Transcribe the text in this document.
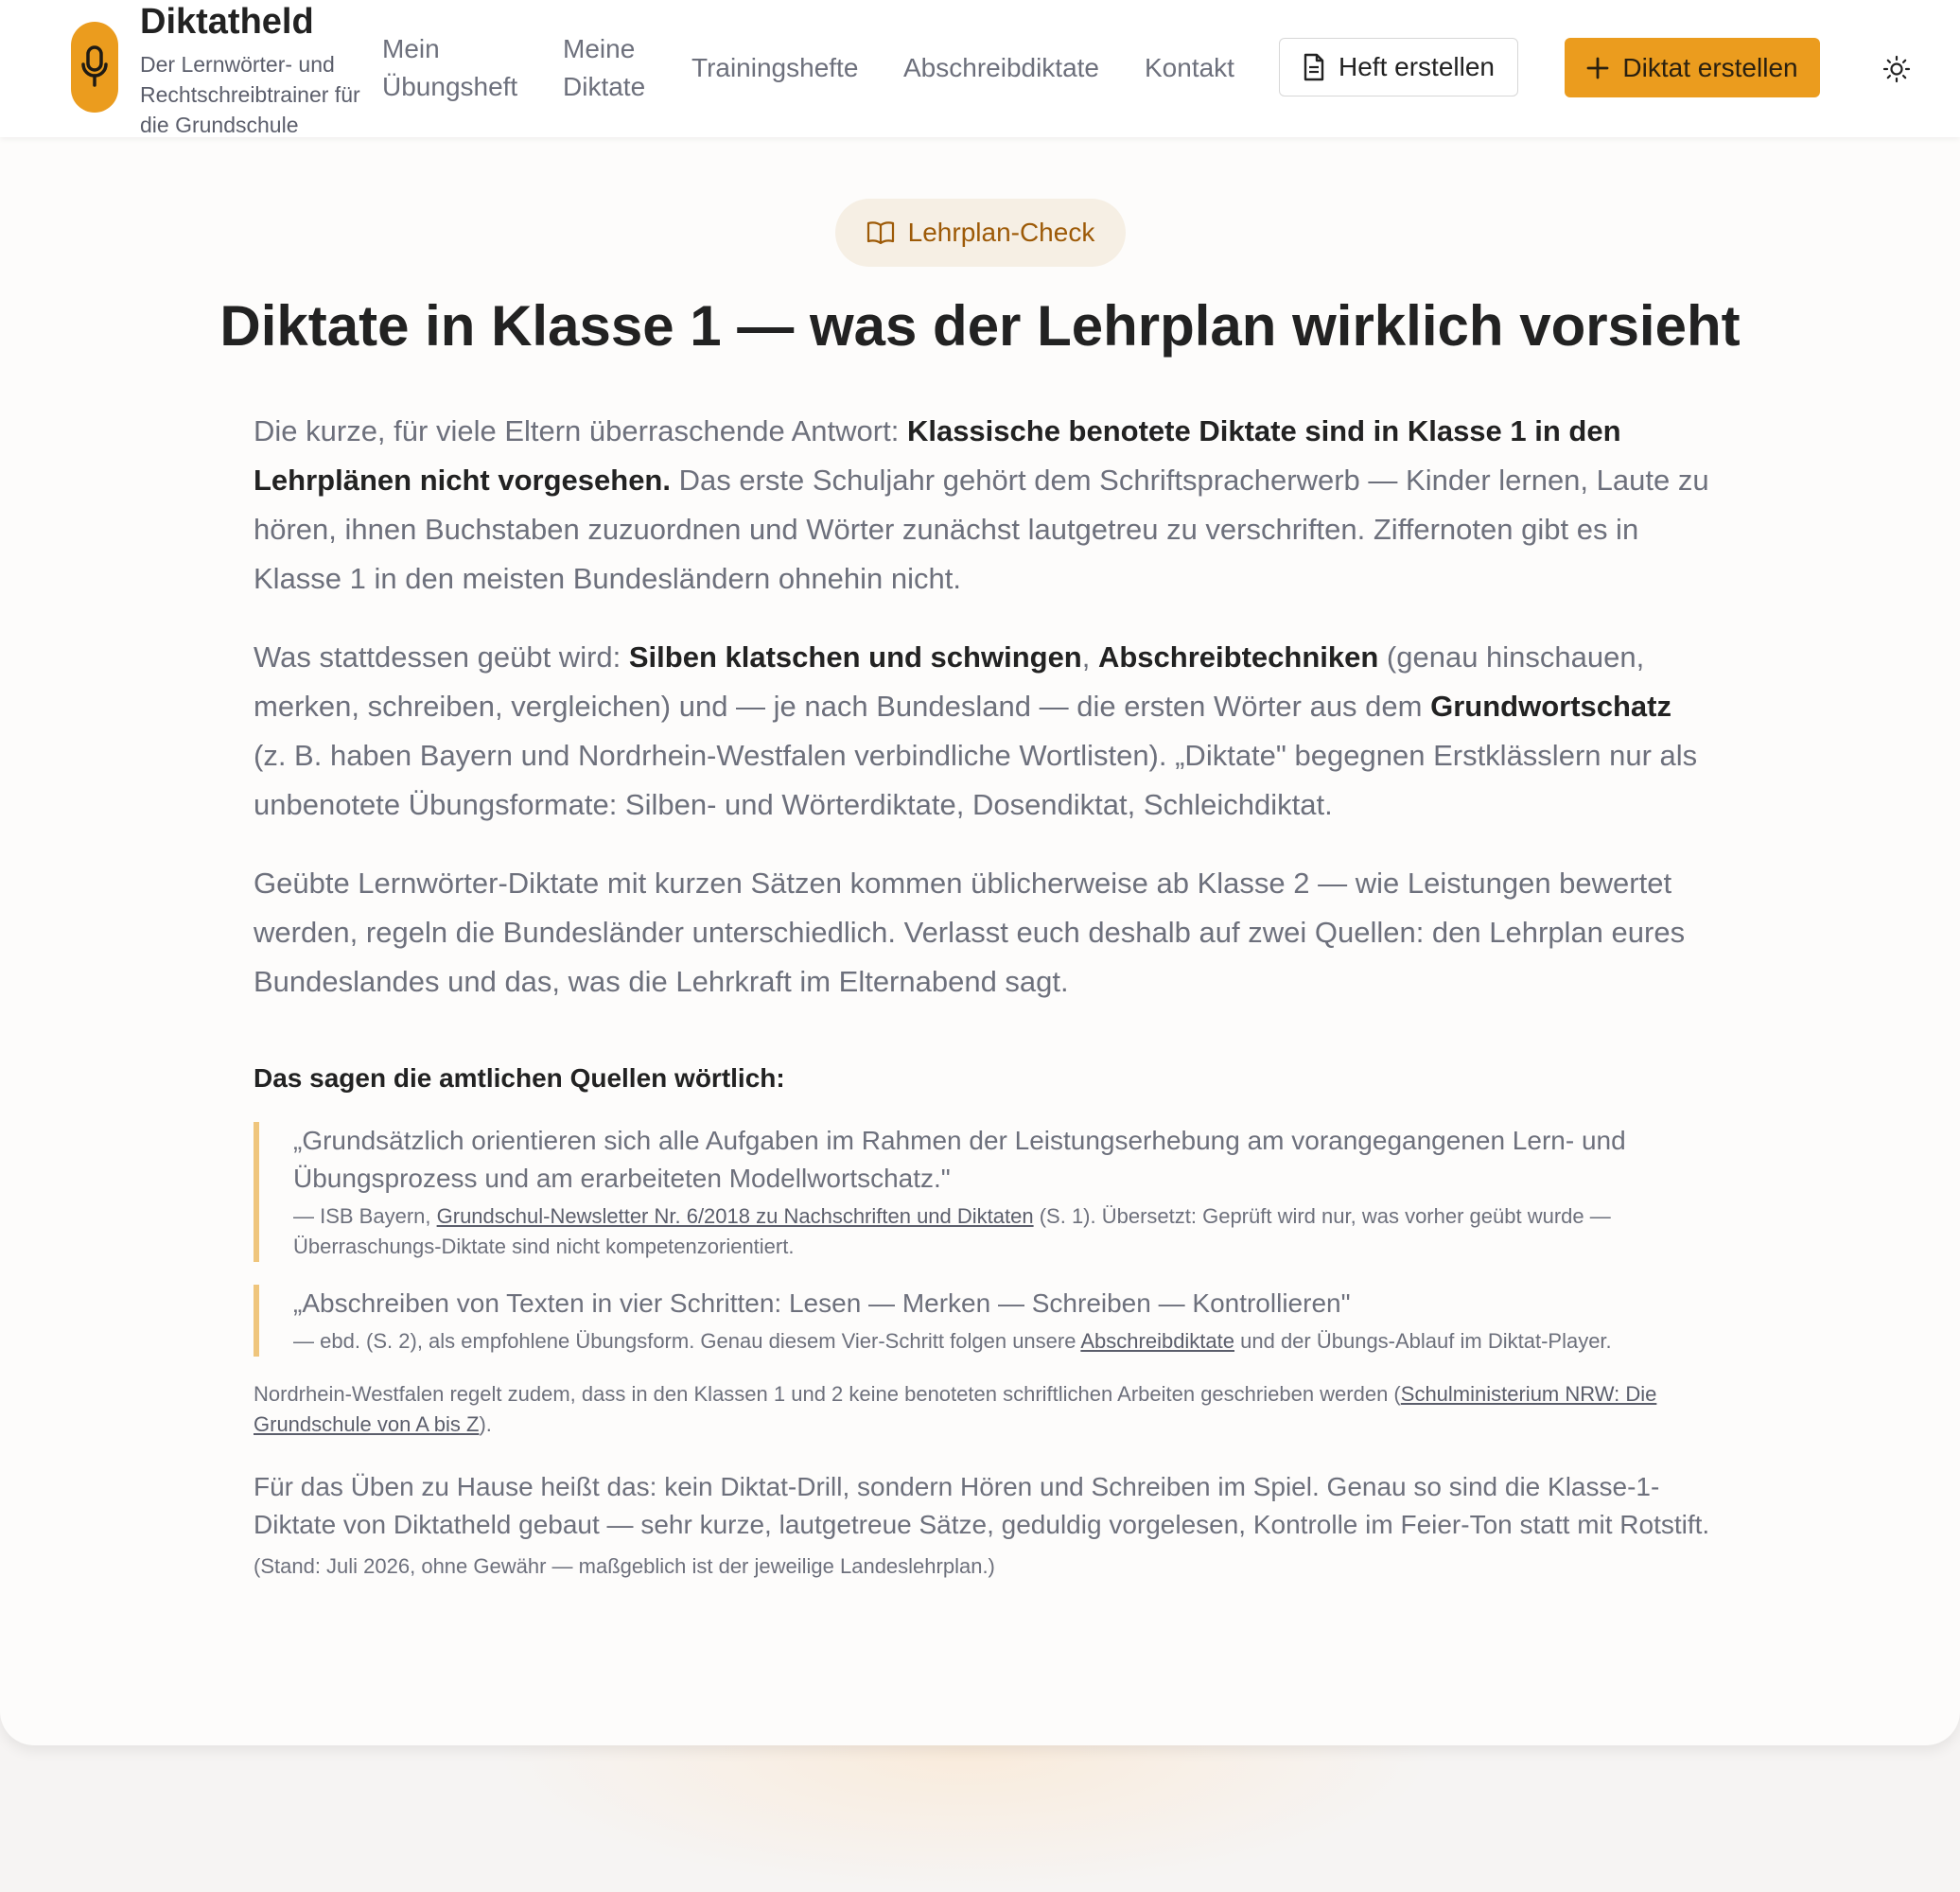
Diktatheld
Der Lernwörter- und Rechtschreibtrainer für die Grundschule
Mein Übungsheft
Meine Diktate
Trainingshefte Abschreibdiktate Kontakt	Heft erstellen	Diktat erstellen
Lehrplan-Check
Diktate in Klasse 1 — was der Lehrplan wirklich vorsieht

Die kurze, für viele Eltern überraschende Antwort: Klassische benotete Diktate sind in Klasse 1 in den Lehrplänen nicht vorgesehen. Das erste Schuljahr gehört dem Schriftspracherwerb — Kinder lernen, Laute zu hören, ihnen Buchstaben zuzuordnen und Wörter zunächst lautgetreu zu verschriften. Ziffernoten gibt es in Klasse 1 in den meisten Bundesländern ohnehin nicht.

Was stattdessen geübt wird: Silben klatschen und schwingen, Abschreibtechniken (genau hinschauen, merken, schreiben, vergleichen) und — je nach Bundesland — die ersten Wörter aus dem Grundwortschatz (z. B. haben Bayern und Nordrhein-Westfalen verbindliche Wortlisten). „Diktate" begegnen Erstklässlern nur als unbenotete Übungsformate: Silben- und Wörterdiktate, Dosendiktat, Schleichdiktat.

Geübte Lernwörter-Diktate mit kurzen Sätzen kommen üblicherweise ab Klasse 2 — wie Leistungen bewertet werden, regeln die Bundesländer unterschiedlich. Verlasst euch deshalb auf zwei Quellen: den Lehrplan eures Bundeslandes und das, was die Lehrkraft im Elternabend sagt.

Das sagen die amtlichen Quellen wörtlich:
„Grundsätzlich orientieren sich alle Aufgaben im Rahmen der Leistungserhebung am vorangegangenen Lern- und Übungsprozess und am erarbeiteten Modellwortschatz."
— ISB Bayern, Grundschul-Newsletter Nr. 6/2018 zu Nachschriften und Diktaten (S. 1). Übersetzt: Geprüft wird nur, was vorher geübt wurde — Überraschungs-Diktate sind nicht kompetenzorientiert.
„Abschreiben von Texten in vier Schritten: Lesen — Merken — Schreiben — Kontrollieren"
— ebd. (S. 2), als empfohlene Übungsform. Genau diesem Vier-Schritt folgen unsere Abschreibdiktate und der Übungs-Ablauf im Diktat-Player.

Nordrhein-Westfalen regelt zudem, dass in den Klassen 1 und 2 keine benoteten schriftlichen Arbeiten geschrieben werden (Schulministerium NRW: Die Grundschule von A bis Z).

Für das Üben zu Hause heißt das: kein Diktat-Drill, sondern Hören und Schreiben im Spiel. Genau so sind die Klasse-1-Diktate von Diktatheld gebaut — sehr kurze, lautgetreue Sätze, geduldig vorgelesen, Kontrolle im Feier-Ton statt mit Rotstift. (Stand: Juli 2026, ohne Gewähr — maßgeblich ist der jeweilige Landeslehrplan.)
